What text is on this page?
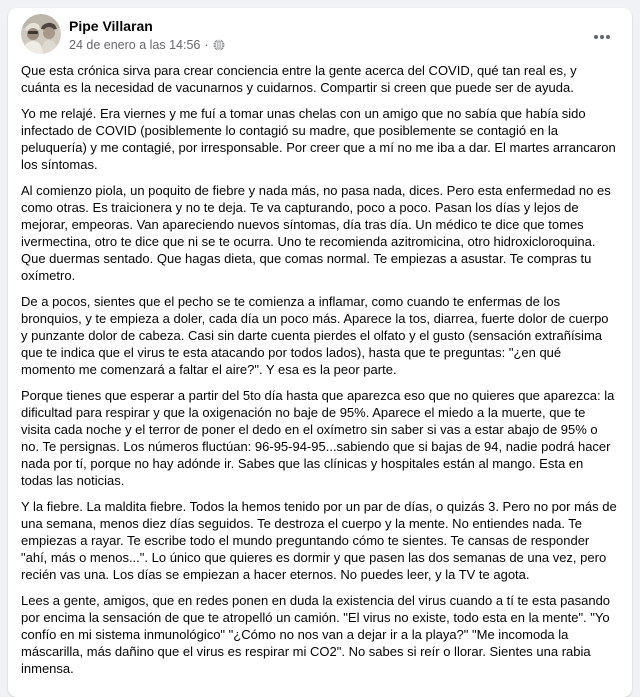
Pipe Villaran
24 de enero a las 14:56 ·

Que esta crónica sirva para crear conciencia entre la gente acerca del COVID, qué tan real es, y cuánta es la necesidad de vacunarnos y cuidarnos. Compartir si creen que puede ser de ayuda.

Yo me relajé. Era viernes y me fuí a tomar unas chelas con un amigo que no sabía que había sido infectado de COVID (posiblemente lo contagió su madre, que posiblemente se contagió en la peluquería) y me contagié, por irresponsable. Por creer que a mí no me iba a dar. El martes arrancaron los síntomas.

Al comienzo piola, un poquito de fiebre y nada más, no pasa nada, dices. Pero esta enfermedad no es como otras. Es traicionera y no te deja. Te va capturando, poco a poco. Pasan los días y lejos de mejorar, empeoras. Van apareciendo nuevos síntomas, día tras día. Un médico te dice que tomes ivermectina, otro te dice que ni se te ocurra. Uno te recomienda azitromicina, otro hidroxicloroquina. Que duermas sentado. Que hagas dieta, que comas normal. Te empiezas a asustar. Te compras tu oxímetro.

De a pocos, sientes que el pecho se te comienza a inflamar, como cuando te enfermas de los bronquios, y te empieza a doler, cada día un poco más. Aparece la tos, diarrea, fuerte dolor de cuerpo y punzante dolor de cabeza. Casi sin darte cuenta pierdes el olfato y el gusto (sensación extrañísima que te indica que el virus te esta atacando por todos lados), hasta que te preguntas: "¿en qué momento me comenzará a faltar el aire?". Y esa es la peor parte.

Porque tienes que esperar a partir del 5to día hasta que aparezca eso que no quieres que aparezca: la dificultad para respirar y que la oxigenación no baje de 95%. Aparece el miedo a la muerte, que te visita cada noche y el terror de poner el dedo en el oxímetro sin saber si vas a estar abajo de 95% o no. Te persignas. Los números fluctúan: 96-95-94-95...sabiendo que si bajas de 94, nadie podrá hacer nada por tí, porque no hay adónde ir. Sabes que las clínicas y hospitales están al mango. Esta en todas las noticias.

Y la fiebre. La maldita fiebre. Todos la hemos tenido por un par de días, o quizás 3. Pero no por más de una semana, menos diez días seguidos. Te destroza el cuerpo y la mente. No entiendes nada. Te empiezas a rayar. Te escribe todo el mundo preguntando cómo te sientes. Te cansas de responder "ahí, más o menos...". Lo único que quieres es dormir y que pasen las dos semanas de una vez, pero recién vas una. Los días se empiezan a hacer eternos. No puedes leer, y la TV te agota.

Lees a gente, amigos, que en redes ponen en duda la existencia del virus cuando a tí te esta pasando por encima la sensación de que te atropelló un camión. "El virus no existe, todo esta en la mente". "Yo confío en mi sistema inmunológico" "¿Cómo no nos van a dejar ir a la playa?" "Me incomoda la máscarilla, más dañino que el virus es respirar mi CO2". No sabes si reír o llorar. Sientes una rabia inmensa.
